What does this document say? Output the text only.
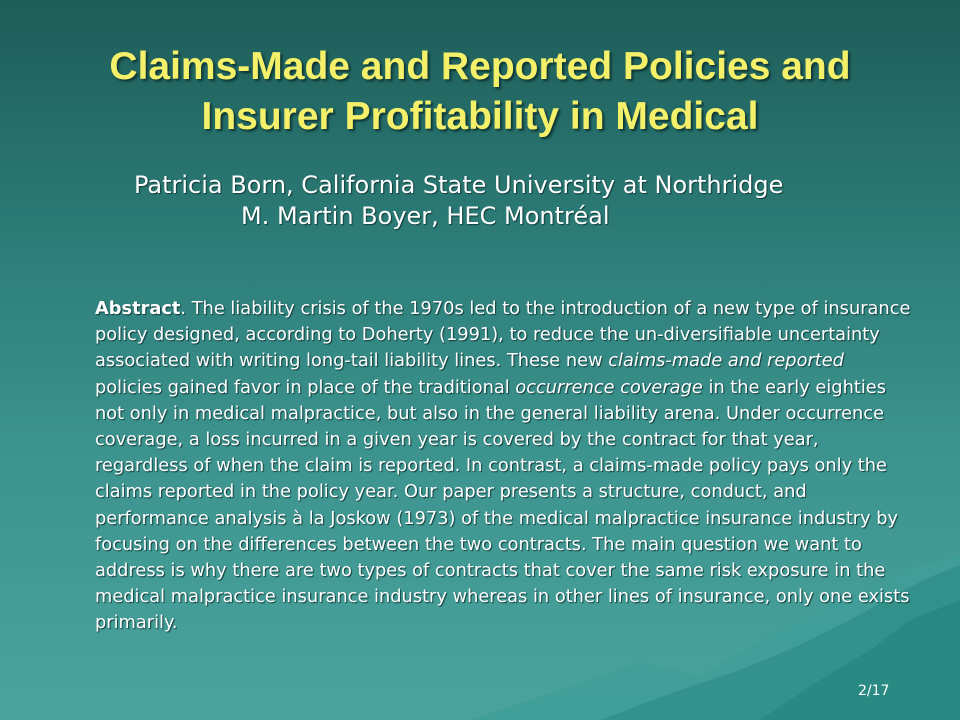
Claims-Made and Reported Policies and
Insurer Profitability in Medical
Patricia Born, California State University at Northridge
M. Martin Boyer, HEC Montréal

Abstract. The liability crisis of the 1970s led to the introduction of a new type of insurance policy designed, according to Doherty (1991), to reduce the un-diversifiable uncertainty associated with writing long-tail liability lines. These new claims-made and reported policies gained favor in place of the traditional occurrence coverage in the early eighties not only in medical malpractice, but also in the general liability arena. Under occurrence coverage, a loss incurred in a given year is covered by the contract for that year, regardless of when the claim is reported. In contrast, a claims-made policy pays only the claims reported in the policy year. Our paper presents a structure, conduct, and performance analysis à la Joskow (1973) of the medical malpractice insurance industry by focusing on the differences between the two contracts. The main question we want to address is why there are two types of contracts that cover the same risk exposure in the medical malpractice insurance industry whereas in other lines of insurance, only one exists primarily.

2/17
